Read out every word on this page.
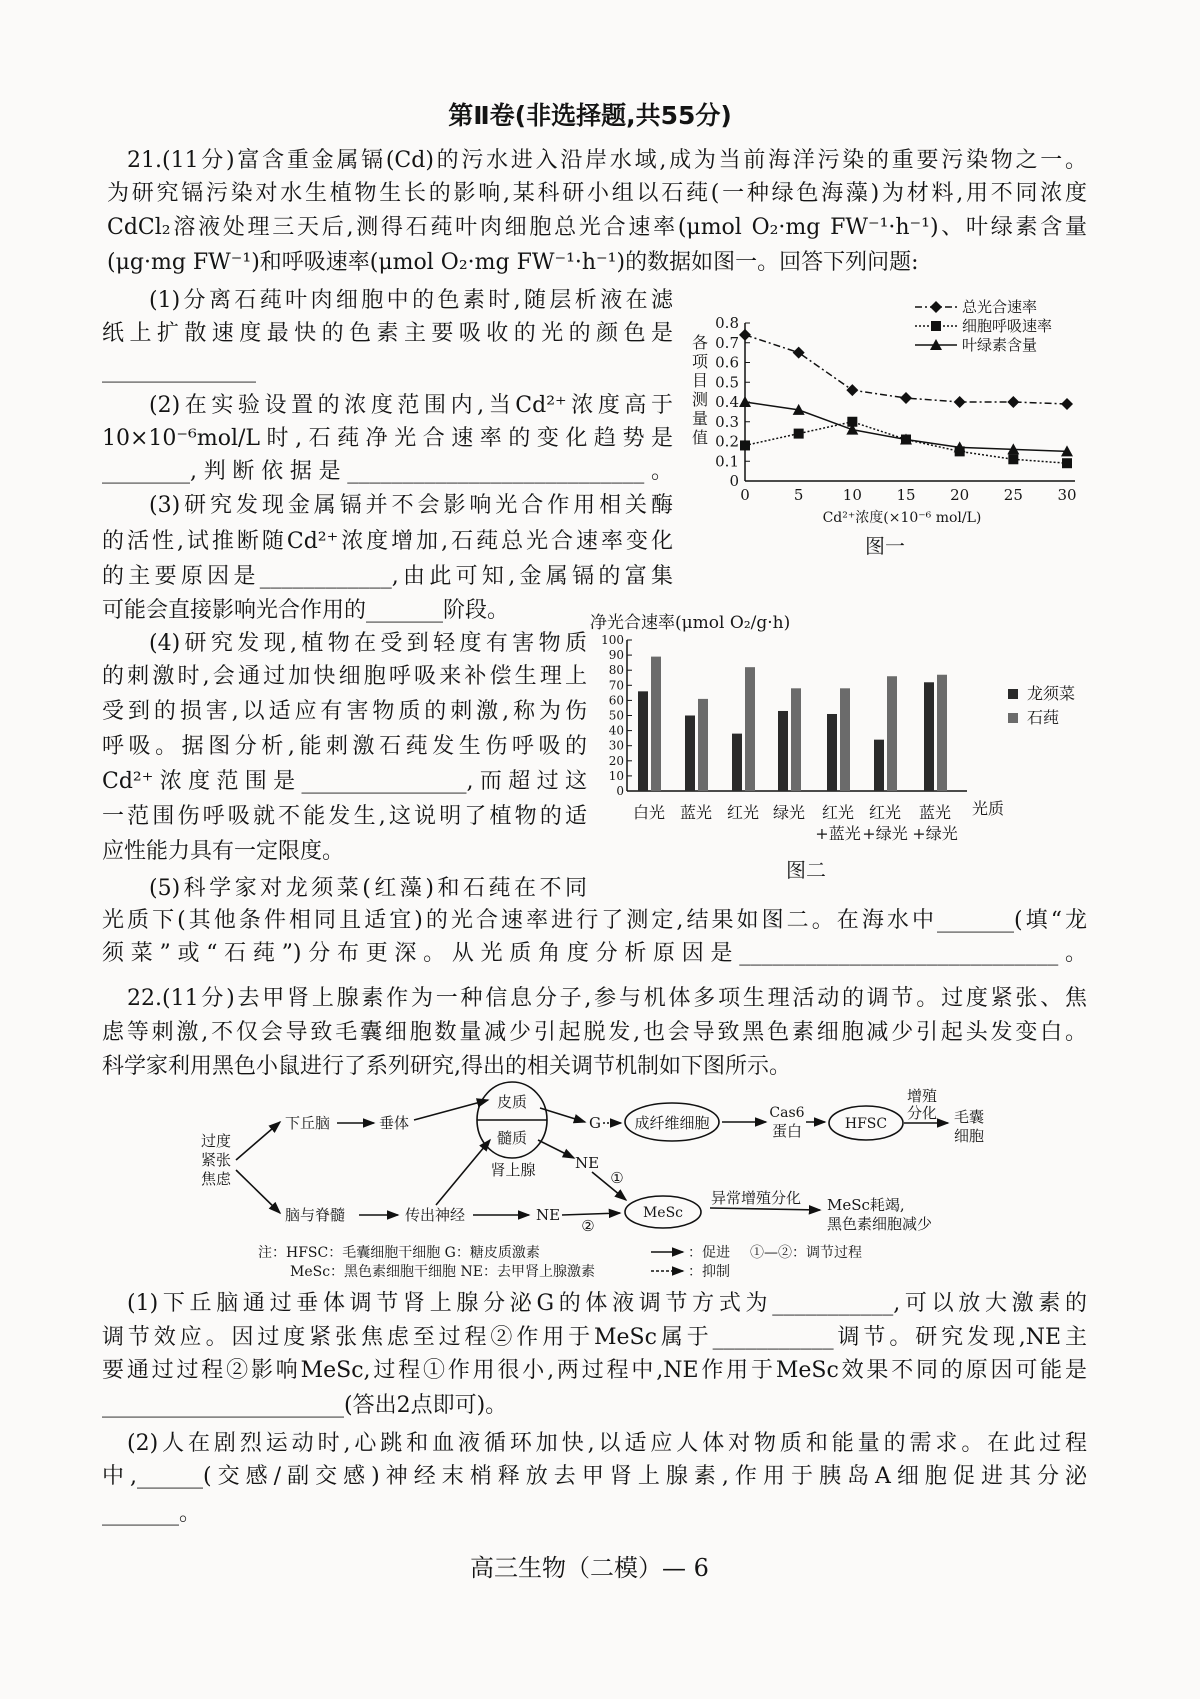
第Ⅱ卷(非选择题,共55分)
21.(11分)富含重金属镉(Cd)的污水进入沿岸水域,成为当前海洋污染的重要污染物之一。
为研究镉污染对水生植物生长的影响,某科研小组以石莼(一种绿色海藻)为材料,用不同浓度
CdCl₂溶液处理三天后,测得石莼叶肉细胞总光合速率(μmol O₂·mg FW⁻¹·h⁻¹)、叶绿素含量
(μg·mg FW⁻¹)和呼吸速率(μmol O₂·mg FW⁻¹·h⁻¹)的数据如图一。回答下列问题:
(1)分离石莼叶肉细胞中的色素时,随层析液在滤
纸上扩散速度最快的色素主要吸收的光的颜色是
______________
(2)在实验设置的浓度范围内,当Cd²⁺浓度高于
10×10⁻⁶mol/L时,石莼净光合速率的变化趋势是
________,判断依据是___________________________。
(3)研究发现金属镉并不会影响光合作用相关酶
的活性,试推断随Cd²⁺浓度增加,石莼总光合速率变化
的主要原因是____________,由此可知,金属镉的富集
可能会直接影响光合作用的_______阶段。
(4)研究发现,植物在受到轻度有害物质
的刺激时,会通过加快细胞呼吸来补偿生理上
受到的损害,以适应有害物质的刺激,称为伤
呼吸。据图分析,能刺激石莼发生伤呼吸的
Cd²⁺浓度范围是_______________,而超过这
一范围伤呼吸就不能发生,这说明了植物的适
应性能力具有一定限度。
(5)科学家对龙须菜(红藻)和石莼在不同
光质下(其他条件相同且适宜)的光合速率进行了测定,结果如图二。在海水中_______(填“龙
须菜”或“石莼”)分布更深。从光质角度分析原因是_____________________________。
22.(11分)去甲肾上腺素作为一种信息分子,参与机体多项生理活动的调节。过度紧张、焦
虑等刺激,不仅会导致毛囊细胞数量减少引起脱发,也会导致黑色素细胞减少引起头发变白。
科学家利用黑色小鼠进行了系列研究,得出的相关调节机制如下图所示。
(1)下丘脑通过垂体调节肾上腺分泌G的体液调节方式为___________,可以放大激素的
调节效应。因过度紧张焦虑至过程②作用于MeSc属于___________调节。研究发现,NE主
要通过过程②影响MeSc,过程①作用很小,两过程中,NE作用于MeSc效果不同的原因可能是
______________________(答出2点即可)。
(2)人在剧烈运动时,心跳和血液循环加快,以适应人体对物质和能量的需求。在此过程
中,______(交感/副交感)神经末梢释放去甲肾上腺素,作用于胰岛A细胞促进其分泌
_______。
0
0.1
0.2
0.3
0.4
0.5
0.6
0.7
0.8
0	5	10 15 20 25 30
各
项
目
测
量
值
Cd²⁺浓度(×10⁻⁶ mol/L)
图一
总光合速率
细胞呼吸速率
叶绿素含量
净光合速率(μmol O₂/g·h)
0
10
20
30
40
50
60
70
80
90
100
龙须菜
石莼
白光 蓝光 红光 绿光 红光
+蓝光
红光
+绿光
蓝光
+绿光
光质
图二
过度
紧张
焦虑
下丘脑	垂体
皮质
髓质
肾上腺
G 成纤维细胞
Cas6
蛋白	HFSC
增殖
分化 毛囊
细胞
NE
①
脑与脊髓	传出神经	NE
②
MeSc
异常增殖分化 MeSc耗竭,
黑色素细胞减少
注：HFSC：毛囊细胞干细胞 G：糖皮质激素
MeSc：黑色素细胞干细胞 NE：去甲肾上腺激素
：促进 ①—②：调节过程
：抑制
高三生物（二模）— 6
